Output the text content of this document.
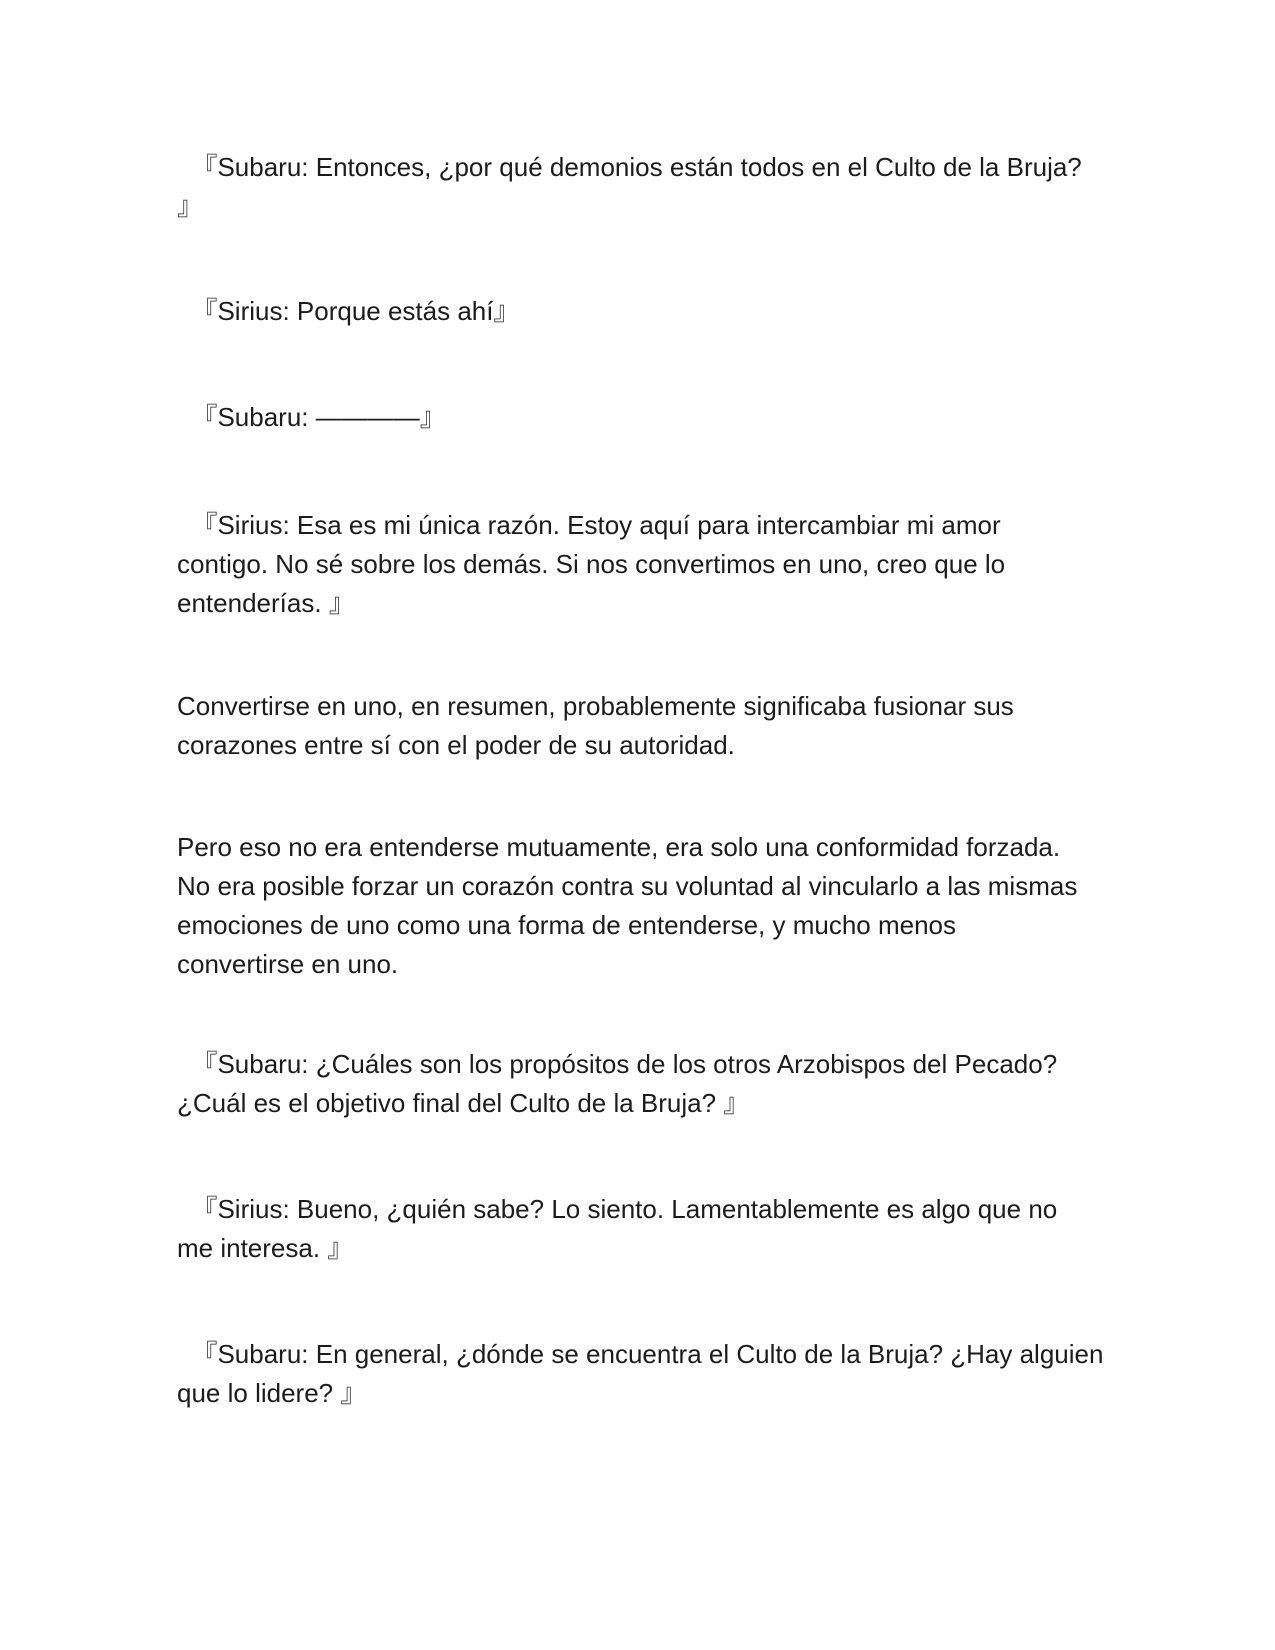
『Subaru: Entonces, ¿por qué demonios están todos en el Culto de la Bruja?
』

『Sirius: Porque estás ahí』

『Subaru: ————』

『Sirius: Esa es mi única razón. Estoy aquí para intercambiar mi amor
contigo. No sé sobre los demás. Si nos convertimos en uno, creo que lo
entenderías. 』

Convertirse en uno, en resumen, probablemente significaba fusionar sus
corazones entre sí con el poder de su autoridad.

Pero eso no era entenderse mutuamente, era solo una conformidad forzada.
No era posible forzar un corazón contra su voluntad al vincularlo a las mismas
emociones de uno como una forma de entenderse, y mucho menos
convertirse en uno.

『Subaru: ¿Cuáles son los propósitos de los otros Arzobispos del Pecado?
¿Cuál es el objetivo final del Culto de la Bruja? 』

『Sirius: Bueno, ¿quién sabe? Lo siento. Lamentablemente es algo que no
me interesa. 』

『Subaru: En general, ¿dónde se encuentra el Culto de la Bruja? ¿Hay alguien
que lo lidere? 』
